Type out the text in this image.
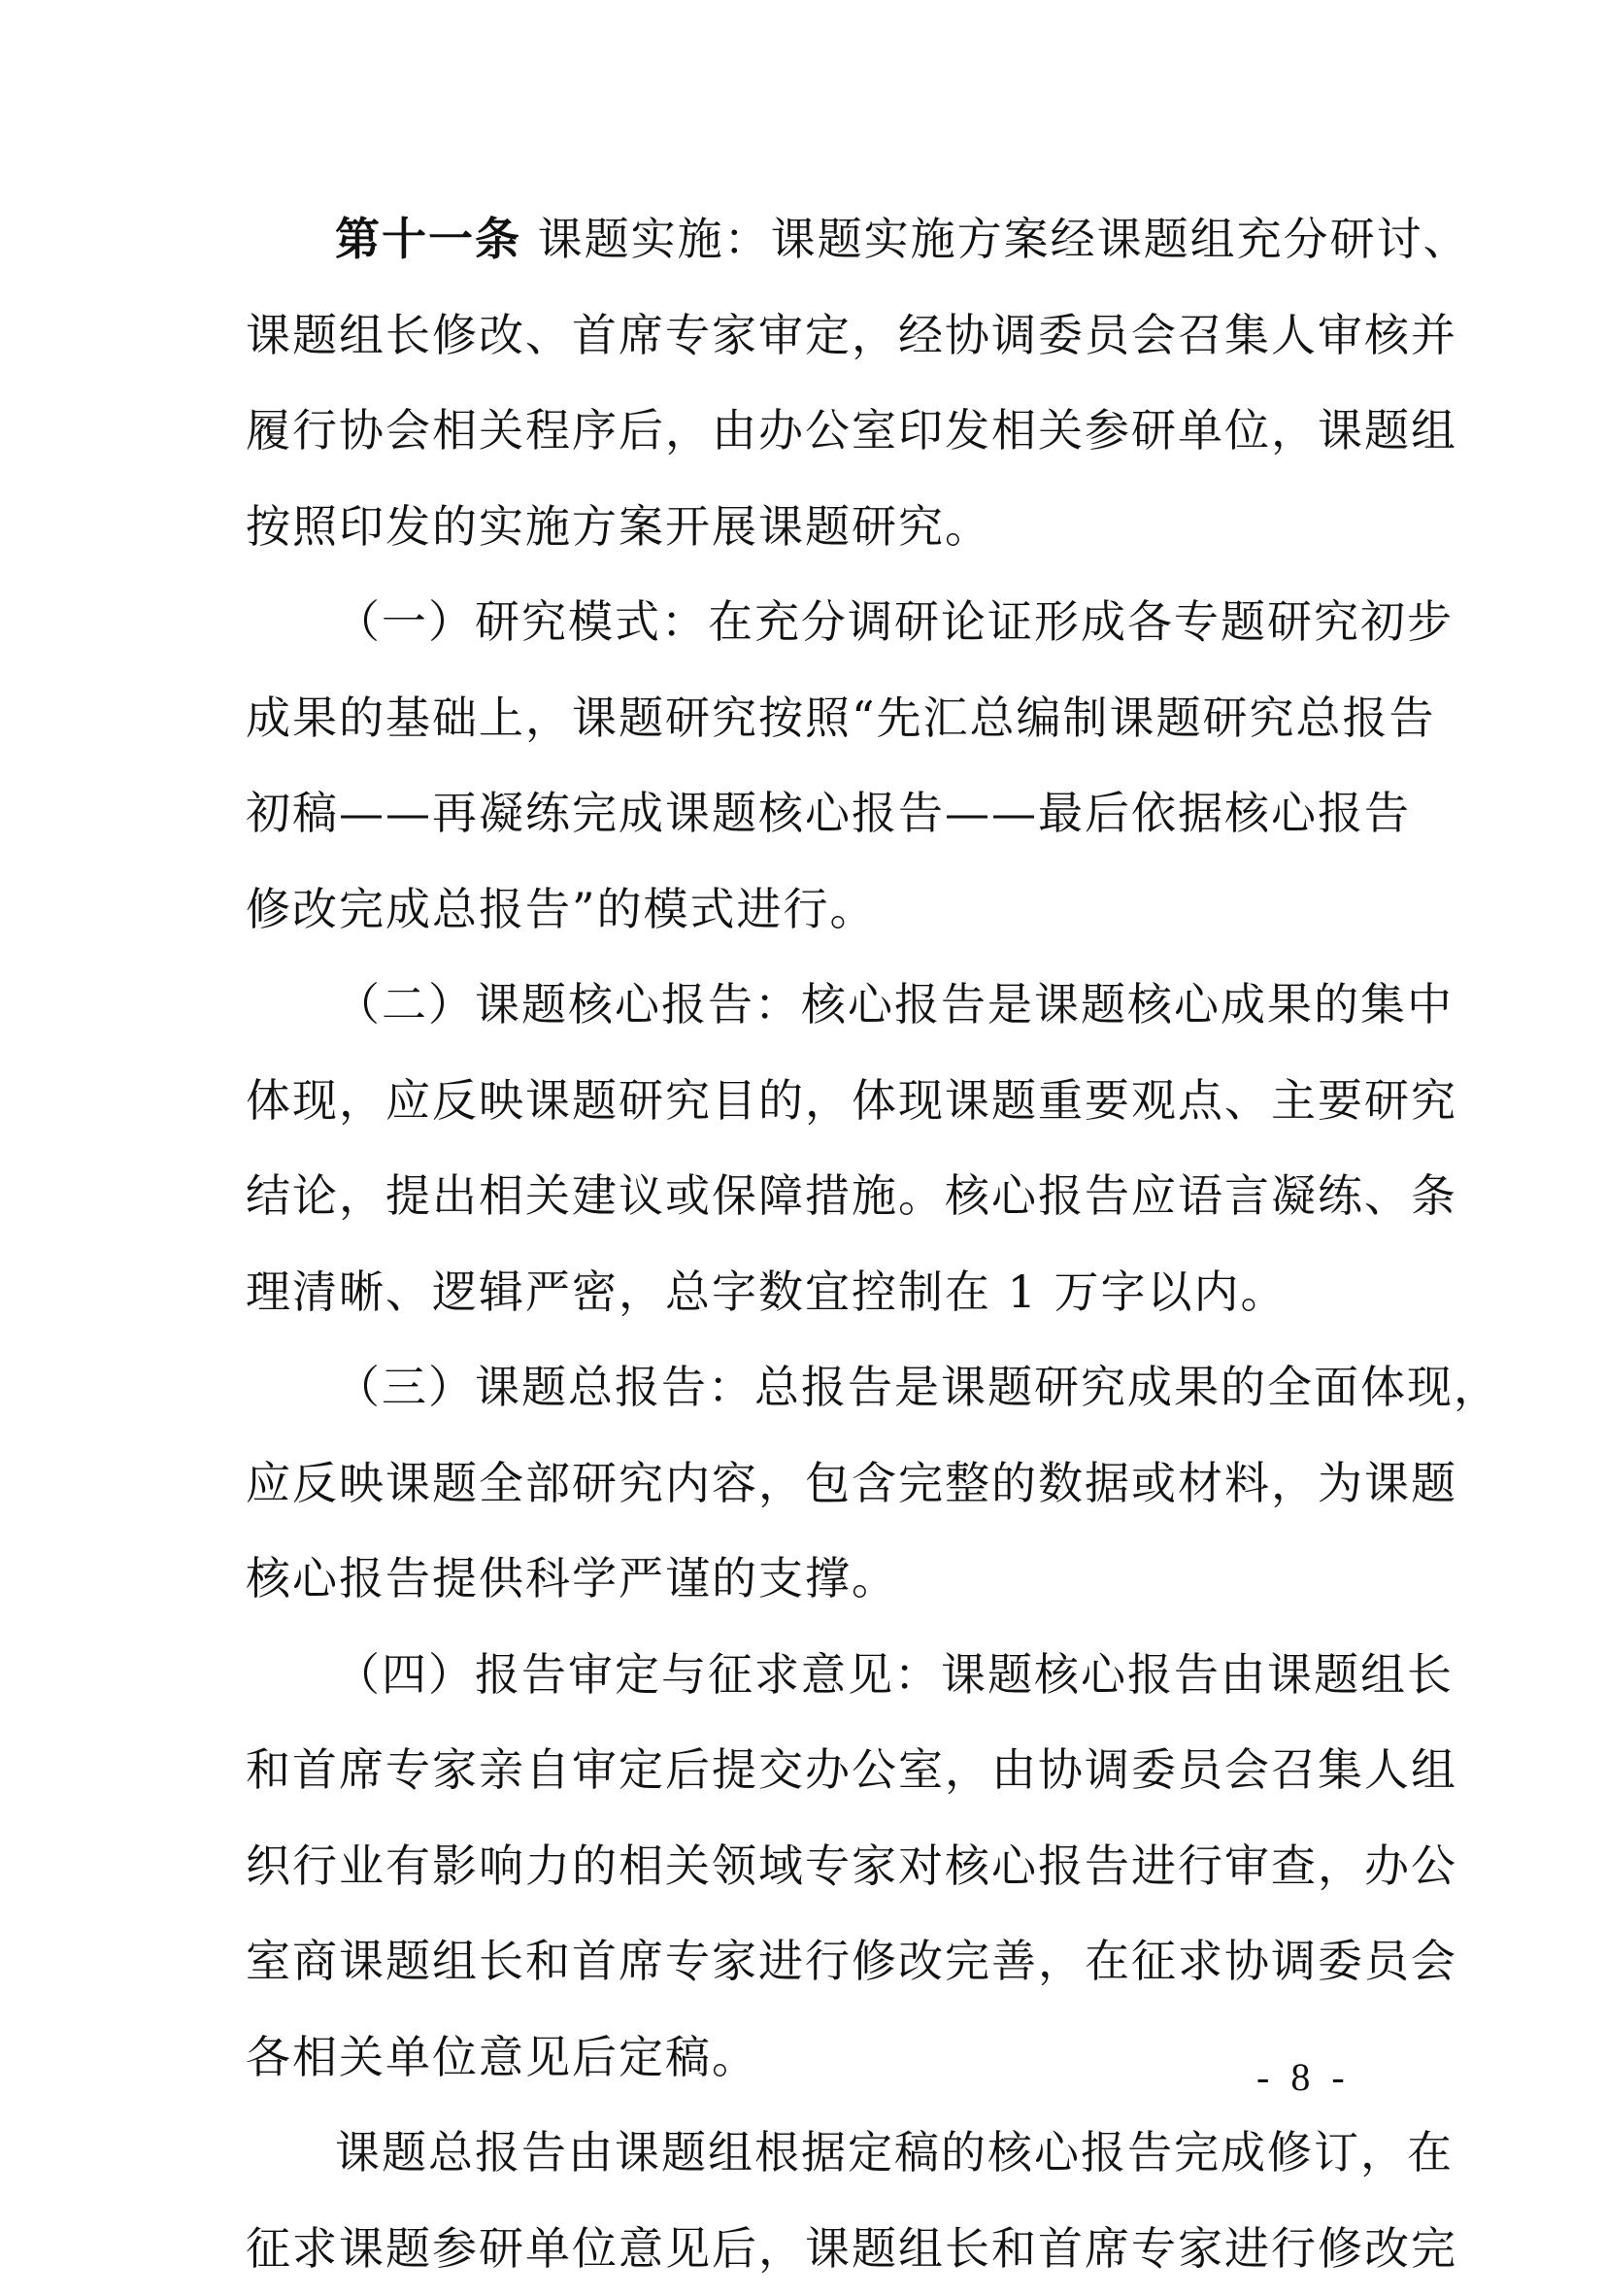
第十一条 课题实施：课题实施方案经课题组充分研讨、
课题组长修改、首席专家审定，经协调委员会召集人审核并
履行协会相关程序后，由办公室印发相关参研单位，课题组
按照印发的实施方案开展课题研究。
（一）研究模式：在充分调研论证形成各专题研究初步
成果的基础上，课题研究按照“先汇总编制课题研究总报告
初稿——再凝练完成课题核心报告——最后依据核心报告
修改完成总报告”的模式进行。
（二）课题核心报告：核心报告是课题核心成果的集中
体现，应反映课题研究目的，体现课题重要观点、主要研究
结论，提出相关建议或保障措施。核心报告应语言凝练、条
理清晰、逻辑严密，总字数宜控制在 1 万字以内。
（三）课题总报告：总报告是课题研究成果的全面体现，
应反映课题全部研究内容，包含完整的数据或材料，为课题
核心报告提供科学严谨的支撑。
（四）报告审定与征求意见：课题核心报告由课题组长
和首席专家亲自审定后提交办公室，由协调委员会召集人组
织行业有影响力的相关领域专家对核心报告进行审查，办公
室商课题组长和首席专家进行修改完善，在征求协调委员会
各相关单位意见后定稿。
课题总报告由课题组根据定稿的核心报告完成修订，在
征求课题参研单位意见后，课题组长和首席专家进行修改完
- 8 -
